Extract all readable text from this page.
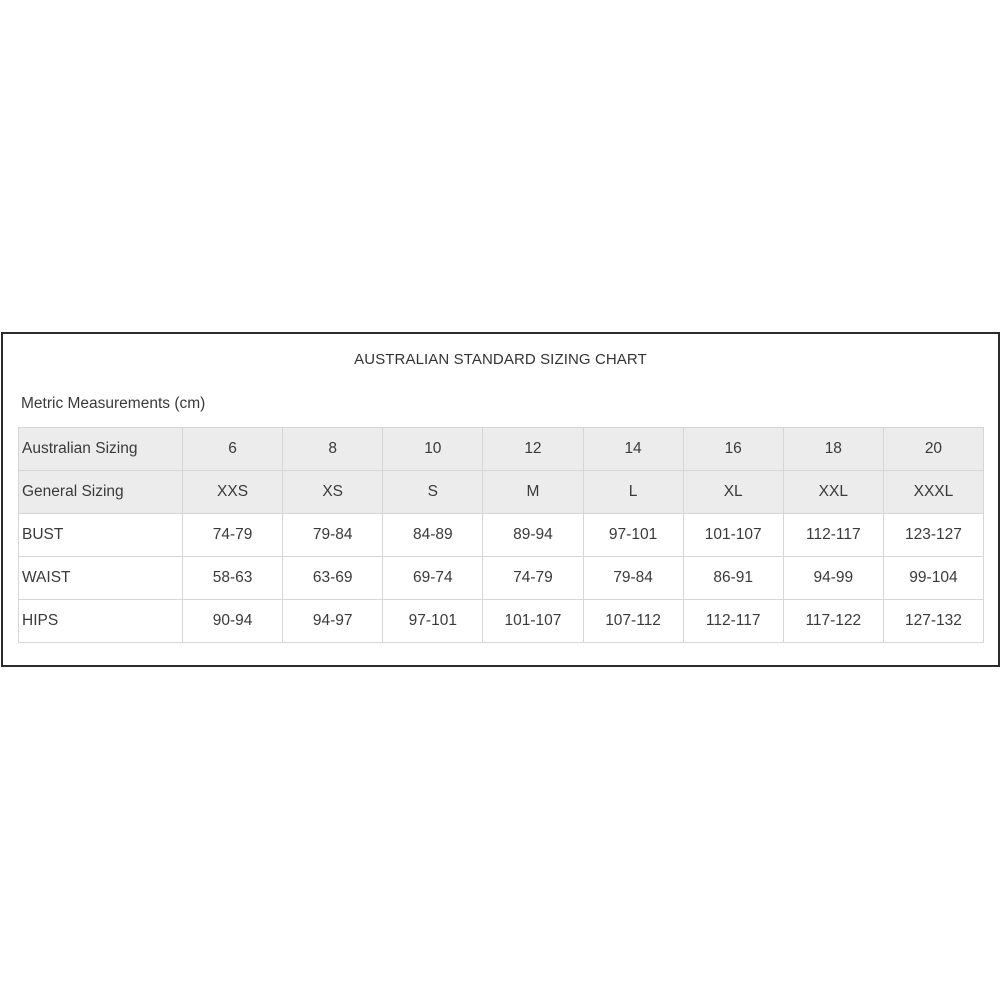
AUSTRALIAN STANDARD SIZING CHART
Metric Measurements (cm)
Australian Sizing	6	8	10	12	14	16	18	20
General Sizing	XXS	XS	S	M	L	XL	XXL	XXXL
BUST	74-79	79-84	84-89	89-94	97-101	101-107	112-117	123-127
WAIST	58-63	63-69	69-74	74-79	79-84	86-91	94-99	99-104
HIPS	90-94	94-97	97-101	101-107	107-112	112-117	117-122	127-132
